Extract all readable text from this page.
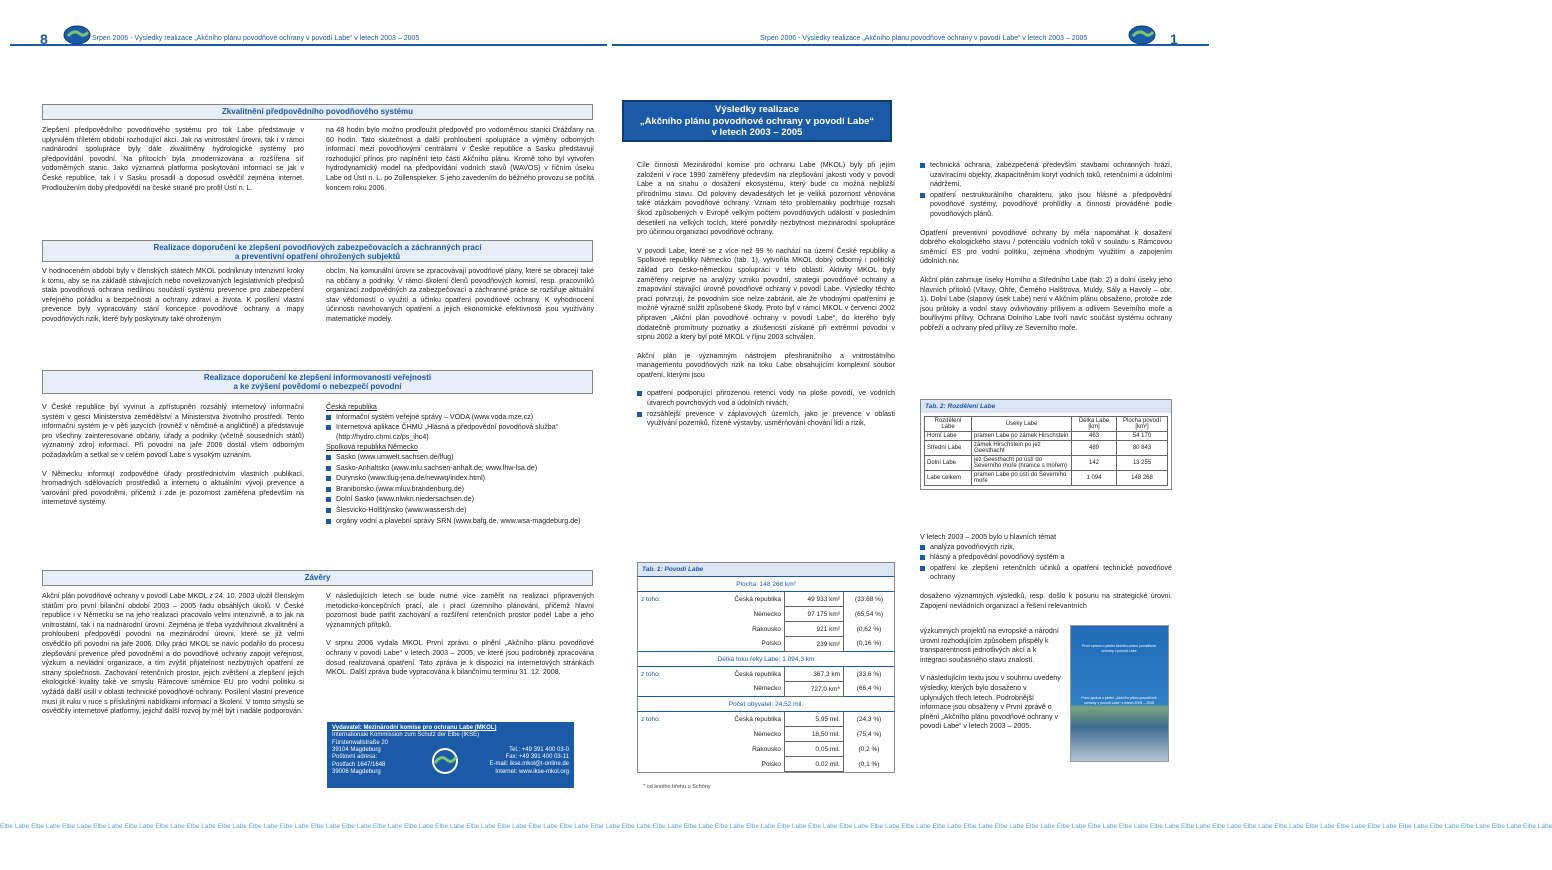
8	1
Srpen 2006 - Výsledky realizace „Akčního plánu povodňové ochrany v povodí Labe“ v letech 2003 – 2005	Srpen 2006 - Výsledky realizace „Akčního plánu povodňové ochrany v povodí Labe“ v letech 2003 – 2005
Zkvalitnění předpovědního povodňového systému
Zlepšení předpovědního povodňového systému pro tok Labe představuje v uplynulém tříletém období rozhodující akci. Jak na vnitrostátní úrovni, tak i v rámci nadnárodní spolupráce byly dále zkvalitněny hydrologické systémy pro předpovídání povodní. Na přítocích byla zmodernizována a rozšířena síť vodoměrných stanic. Jako významná platforma poskytování informací se jak v České republice, tak i v Sasku prosadil a doposud osvědčil zejména internet. Prodloužením doby předpovědí na české straně pro profil Ústí n. L.
na 48 hodin bylo možno prodloužit předpověď pro vodoměrnou stanici Drážďany na 60 hodin. Tato skutečnost a další prohloubení spolupráce a výměny odborných informací mezi povodňovými centrálami v České republice a Sasku představují rozhodující přínos pro naplnění této části Akčního plánu. Kromě toho byl vytvořen hydrodynamický model na předpovídání vodních stavů (WAVOS) v říčním úseku Labe od Ústí n. L. po Zollenspieker. S jeho zavedením do běžného provozu se počítá koncem roku 2006.
Realizace doporučení ke zlepšení povodňových zabezpečovacích a záchranných prací
a preventivní opatření ohrožených subjektů
V hodnoceném období byly v členských státech MKOL podniknuty intenzivní kroky k tomu, aby se na základě stávajících nebo novelizovaných legislativních předpisů stala povodňová ochrana nedílnou součástí systému prevence pro zabezpečení veřejného pořádku a bezpečnosti a ochrany zdraví a života. K posílení vlastní prevence byly vypracovány stání koncepce povodňové ochrany a mapy povodňových rizik, které byly poskytnuty také ohroženým
obcím. Na komunální úrovni se zpracovávají povodňové plány, které se obracejí také na občany a podniky. V rámci školení členů povodňových komisí, resp. pracovníků organizací zodpovědných za zabezpečovací a záchranné práce se rozšiřuje aktuální stav vědomostí o využití a účinku opatření povodňové ochrany. K vyhodnocení účinnosti navrhovaných opatření a jejich ekonomické efektivnosti jsou využívány matematické modely.
Realizace doporučení ke zlepšení informovanosti veřejnosti
a ke zvýšení povědomí o nebezpečí povodní

V České republice byl vyvinut a zpřístupněn rozsáhlý internetový informační systém v gesci Ministerstva zemědělství a Ministerstva životního prostředí. Tento informační systém je v pěti jazycích (rovněž v němčině a angličtině) a představuje pro všechny zainteresované občany, úřady a podniky (včetně sousedních států) významný zdroj informací. Při povodni na jaře 2006 dostál všem odborným požadavkům a setkal se v celém povodí Labe s vysokým uznáním.

V Německu informují zodpovědné úřady prostřednictvím vlastních publikací, hromadných sdělovacích prostředků a internetu o aktuálním vývoji prevence a varování před povodněmi, přičemž i zde je pozornost zaměřena především na internetové systémy.

Česká republika
Informační systém veřejné správy – VODA (www.voda.mze.cz)
Internetová aplikace ČHMÚ „Hlásná a předpovědní povodňová služba“ (http://hydro.chmi.cz/ps_ihc4)
Spolková republika Německo
Sasko (www.umwelt.sachsen.de/lfug)
Sasko-Anhaltsko (www.mlu.sachsen-anhalt.de; www.lhw-lsa.de)
Durynsko (www.tlug-jena.de/newwq/index.html)
Braniborsko (www.mluv.brandenburg.de)
Dolní Sasko (www.nlwkn.niedersachsen.de)
Šlesvicko-Holštýnsko (www.wassersh.de)
orgány vodní a plavební správy SRN (www.bafg.de, www.wsa-magdeburg.de)
Závěry
Akční plán povodňové ochrany v povodí Labe MKOL z 24. 10. 2003 uložil členským státům pro první bilanční období 2003 – 2005 řadu obsáhlých úkolů. V České republice i v Německu se na jeho realizaci pracovalo velmi intenzivně, a to jak na vnitrostátní, tak i na nadnárodní úrovni. Zejména je třeba vyzdvihnout zkvalitnění a prohloubení předpovědí povodní na mezinárodní úrovni, které se již velmi osvědčilo při povodni na jaře 2006. Díky práci MKOL se navíc podařilo do procesu zlepšování prevence před povodněmi a do povodňové ochrany zapojit veřejnost, výzkum a nevládní organizace, a tím zvýšit přijatelnost nezbytných opatření ze strany společnosti. Zachování retenčních prostor, jejich zvětšení a zlepšení jejich ekologické kvality také ve smyslu Rámcové směrnice EU pro vodní politiku si vyžádá další úsilí v oblasti technické povodňové ochrany. Posílení vlastní prevence musí jít ruku v ruce s příslušnými nabídkami informací a školení. V tomto smyslu se osvědčily internetové platformy, jejichž další rozvoj by měl být i nadále podporován.

V následujících letech se bude nutné více zaměřit na realizaci připravených metodicko-koncepčních prací, ale i prací územního plánování, přičemž hlavní pozornost bude patřit zachování a rozšíření retenčních prostor podél Labe a jeho významných přítoků.

V srpnu 2006 vydala MKOL První zprávu o plnění „Akčního plánu povodňové ochrany v povodí Labe“ v letech 2003 – 2005, ve které jsou podrobněji zpracována dosud realizovaná opatření. Tato zpráva je k dispozici na internetových stránkách MKOL. Další zpráva bude vypracována k bilančnímu termínu 31. 12. 2008.

Vydavatel: Mezinárodní komise pro ochranu Labe (MKOL)
Internationale Kommission zum Schutz der Elbe (IKSE)
Fürstenwallstraße 20
39104 Magdeburg
Poštovní adresa:
Postfach 1647/1648
39006 Magdeburg
Tel.: +49 391 400 03-0
Fax: +49 391 400 03-11
E-mail: ikse.mkol@t-online.de
Internet: www.ikse-mkol.org
Výsledky realizace
„Akčního plánu povodňové ochrany v povodí Labe“
v letech 2003 – 2005

Cíle činnosti Mezinárodní komise pro ochranu Labe (MKOL) byly při jejím založení v roce 1990 zaměřeny především na zlepšování jakosti vody v povodí Labe a na snahu o dosažení ekosystému, který bude co možná nejbližší přírodnímu stavu. Od poloviny devadesátých let je veliká pozornost věnována také otázkám povodňové ochrany. Vznam této problematiky podtrhuje rozsah škod způsobených v Evropě velkým počtem povodňových událostí v posledním desetiletí na velkých tocích, které potvrdily nezbytnost mezinárodní spolupráce pro účinnou organizaci povodňové ochrany.

V povodí Labe, které se z více než 99 % nachází na území České republiky a Spolkové republiky Německo (tab. 1), vytvořila MKOL dobrý odborný i politický základ pro česko-německou spolupráci v této oblasti. Aktivity MKOL byly zaměřeny nejprve na analýzy vzniku povodní, strategii povodňové ochrany a zmapování stávající úrovně povodňové ochrany v povodí Labe. Výsledky těchto prací potvrzují, že povodním sice nelze zabránit, ale že vhodnými opatřeními je možné výrazně snížit způsobené škody. Proto byl v rámci MKOL v červenci 2002 připraven „Akční plán povodňové ochrany v povodí Labe“, do kterého byly dodatečně promítnuty poznatky a zkušenosti získané při extrémní povodni v srpnu 2002 a který byl poté MKOL v říjnu 2003 schválen.

Akční plán je významným nástrojem přeshraničního a vnitrostátního managementu povodňových rizik na toku Labe obsahujícím komplexní soubor opatření, kterými jsou

opatření podporující přirozenou retenci vody na ploše povodí, ve vodních útvarech povrchových vod a údolních nivách,
rozsáhlejší prevence v záplavových územích, jako je prevence v oblasti využívání pozemků, řízené výstavby, usměrňování chování lidí a rizik,
technická ochrana, zabezpečená především stavbami ochranných hrází, uzavíracími objekty, zkapacitněním koryt vodních toků, retenčními a údolními nádržemi,
opatření nestrukturálního charakteru, jako jsou hlásné a předpovědní povodňové systémy, povodňové prohlídky a činnosti prováděné podle povodňových plánů.

Opatření preventivní povodňové ochrany by měla napomáhat k dosažení dobrého ekologického stavu / potenciálu vodních toků v souladu s Rámcovou směrnicí ES pro vodní politiku, zejména vhodným využitím a zapojením údolních niv.

Akční plán zahrnuje úseky Horního a Středního Labe (tab. 2) a dolní úseky jeho hlavních přítoků (Vltavy, Ohře, Černého Halštrova, Muldy, Sály a Havoly – obr. 1). Dolní Labe (slapový úsek Labe) není v Akčním plánu obsaženo, protože zde jsou průtoky a vodní stavy ovlivňovány přílivem a odlivem Severního moře a bouřlivými přílivy. Ochrana Dolního Labe tvoří navíc součást systému ochrany pobřeží a ochrany před přílivy ze Severního moře.

Tab. 2: Rozdělení Labe
Rozdělení Labe	Úseky Labe	Délka Labe [km]	Plocha povodí [km²]
Horní Labe	pramen Labe po zámek Hirschstein	463	54 170
Střední Labe	zámek Hirschstein po jez Geesthacht	489	80 843
Dolní Labe	jez Geesthacht po ústí do Severního moře (hranice s mořem)	142	13 255
Labe celkem	pramen Labe po ústí do Severního moře	1 094	148 268
V letech 2003 – 2005 bylo u hlavních témat
analýza povodňových rizik,
hlásný a předpovědní povodňový systém a
opatření ke zlepšení retenčních účinků a opatření technické povodňové ochrany
dosaženo významných výsledků, resp. došlo k posunu na strategické úrovni. Zapojení nevládních organizací a řešení relevantních

výzkumných projektů na evropské a národní úrovni rozhodujícím způsobem přispěly k transparentnosti jednotlivých akcí a k integraci současného stavu znalostí.

V následujícím textu jsou v souhrnu uvedeny výsledky, kterých bylo dosaženo v uplynulých třech letech. Podrobnější informace jsou obsaženy v První zprávě o plnění „Akčního plánu povodňové ochrany v povodí Labe“ v letech 2003 – 2005.

První zpráva o plnění Akčního plánu povodňové ochrany v povodí Labe
První zpráva o plnění „Akčního plánu povodňové ochrany v povodí Labe“ v letech 2003 – 2005
Tab. 1: Povodí Labe
Plocha: 148 268 km²			
z toho:	Česká republika	49 933 km²	(33,68 %)
	Německo	97 175 km²	(65,54 %)
	Rakousko	921 km²	(0,62 %)
	Polsko	239 km²	(0,16 %)
Délka toku řeky Labe: 1 094,3 km			
z toho:	Česká republika	367,3 km	(33,6 %)
	Německo	727,0 km*	(66,4 %)
Počet obyvatel: 24,52 mil.			
z toho:	Česká republika	5,95 mil.	(24,3 %)
	Německo	18,50 mil.	(75,4 %)
	Rakousko	0,05 mil.	(0,2 %)
	Polsko	0,02 mil.	(0,1 %)
* od levého břehu u Schöny
Elbe Labe Elbe Labe Elbe Labe Elbe Labe Elbe Labe Elbe Labe Elbe Labe Elbe Labe Elbe Labe Elbe Labe Elbe Labe Elbe Labe Elbe Labe Elbe Labe Elbe Labe Elbe Labe Elbe Labe Elbe Labe Elbe Labe Elbe Labe Elbe Labe Elbe Labe Elbe Labe Elbe Labe Elbe Labe Elbe Labe Elbe Labe Elbe Labe Elbe Labe Elbe Labe Elbe Labe Elbe Labe Elbe Labe Elbe Labe Elbe Labe Elbe Labe Elbe Labe Elbe Labe Elbe Labe Elbe Labe Elbe Labe Elbe Labe Elbe Labe Elbe Labe Elbe Labe Elbe Labe Elbe Labe Elbe Labe Elbe Labe Elbe Labe
